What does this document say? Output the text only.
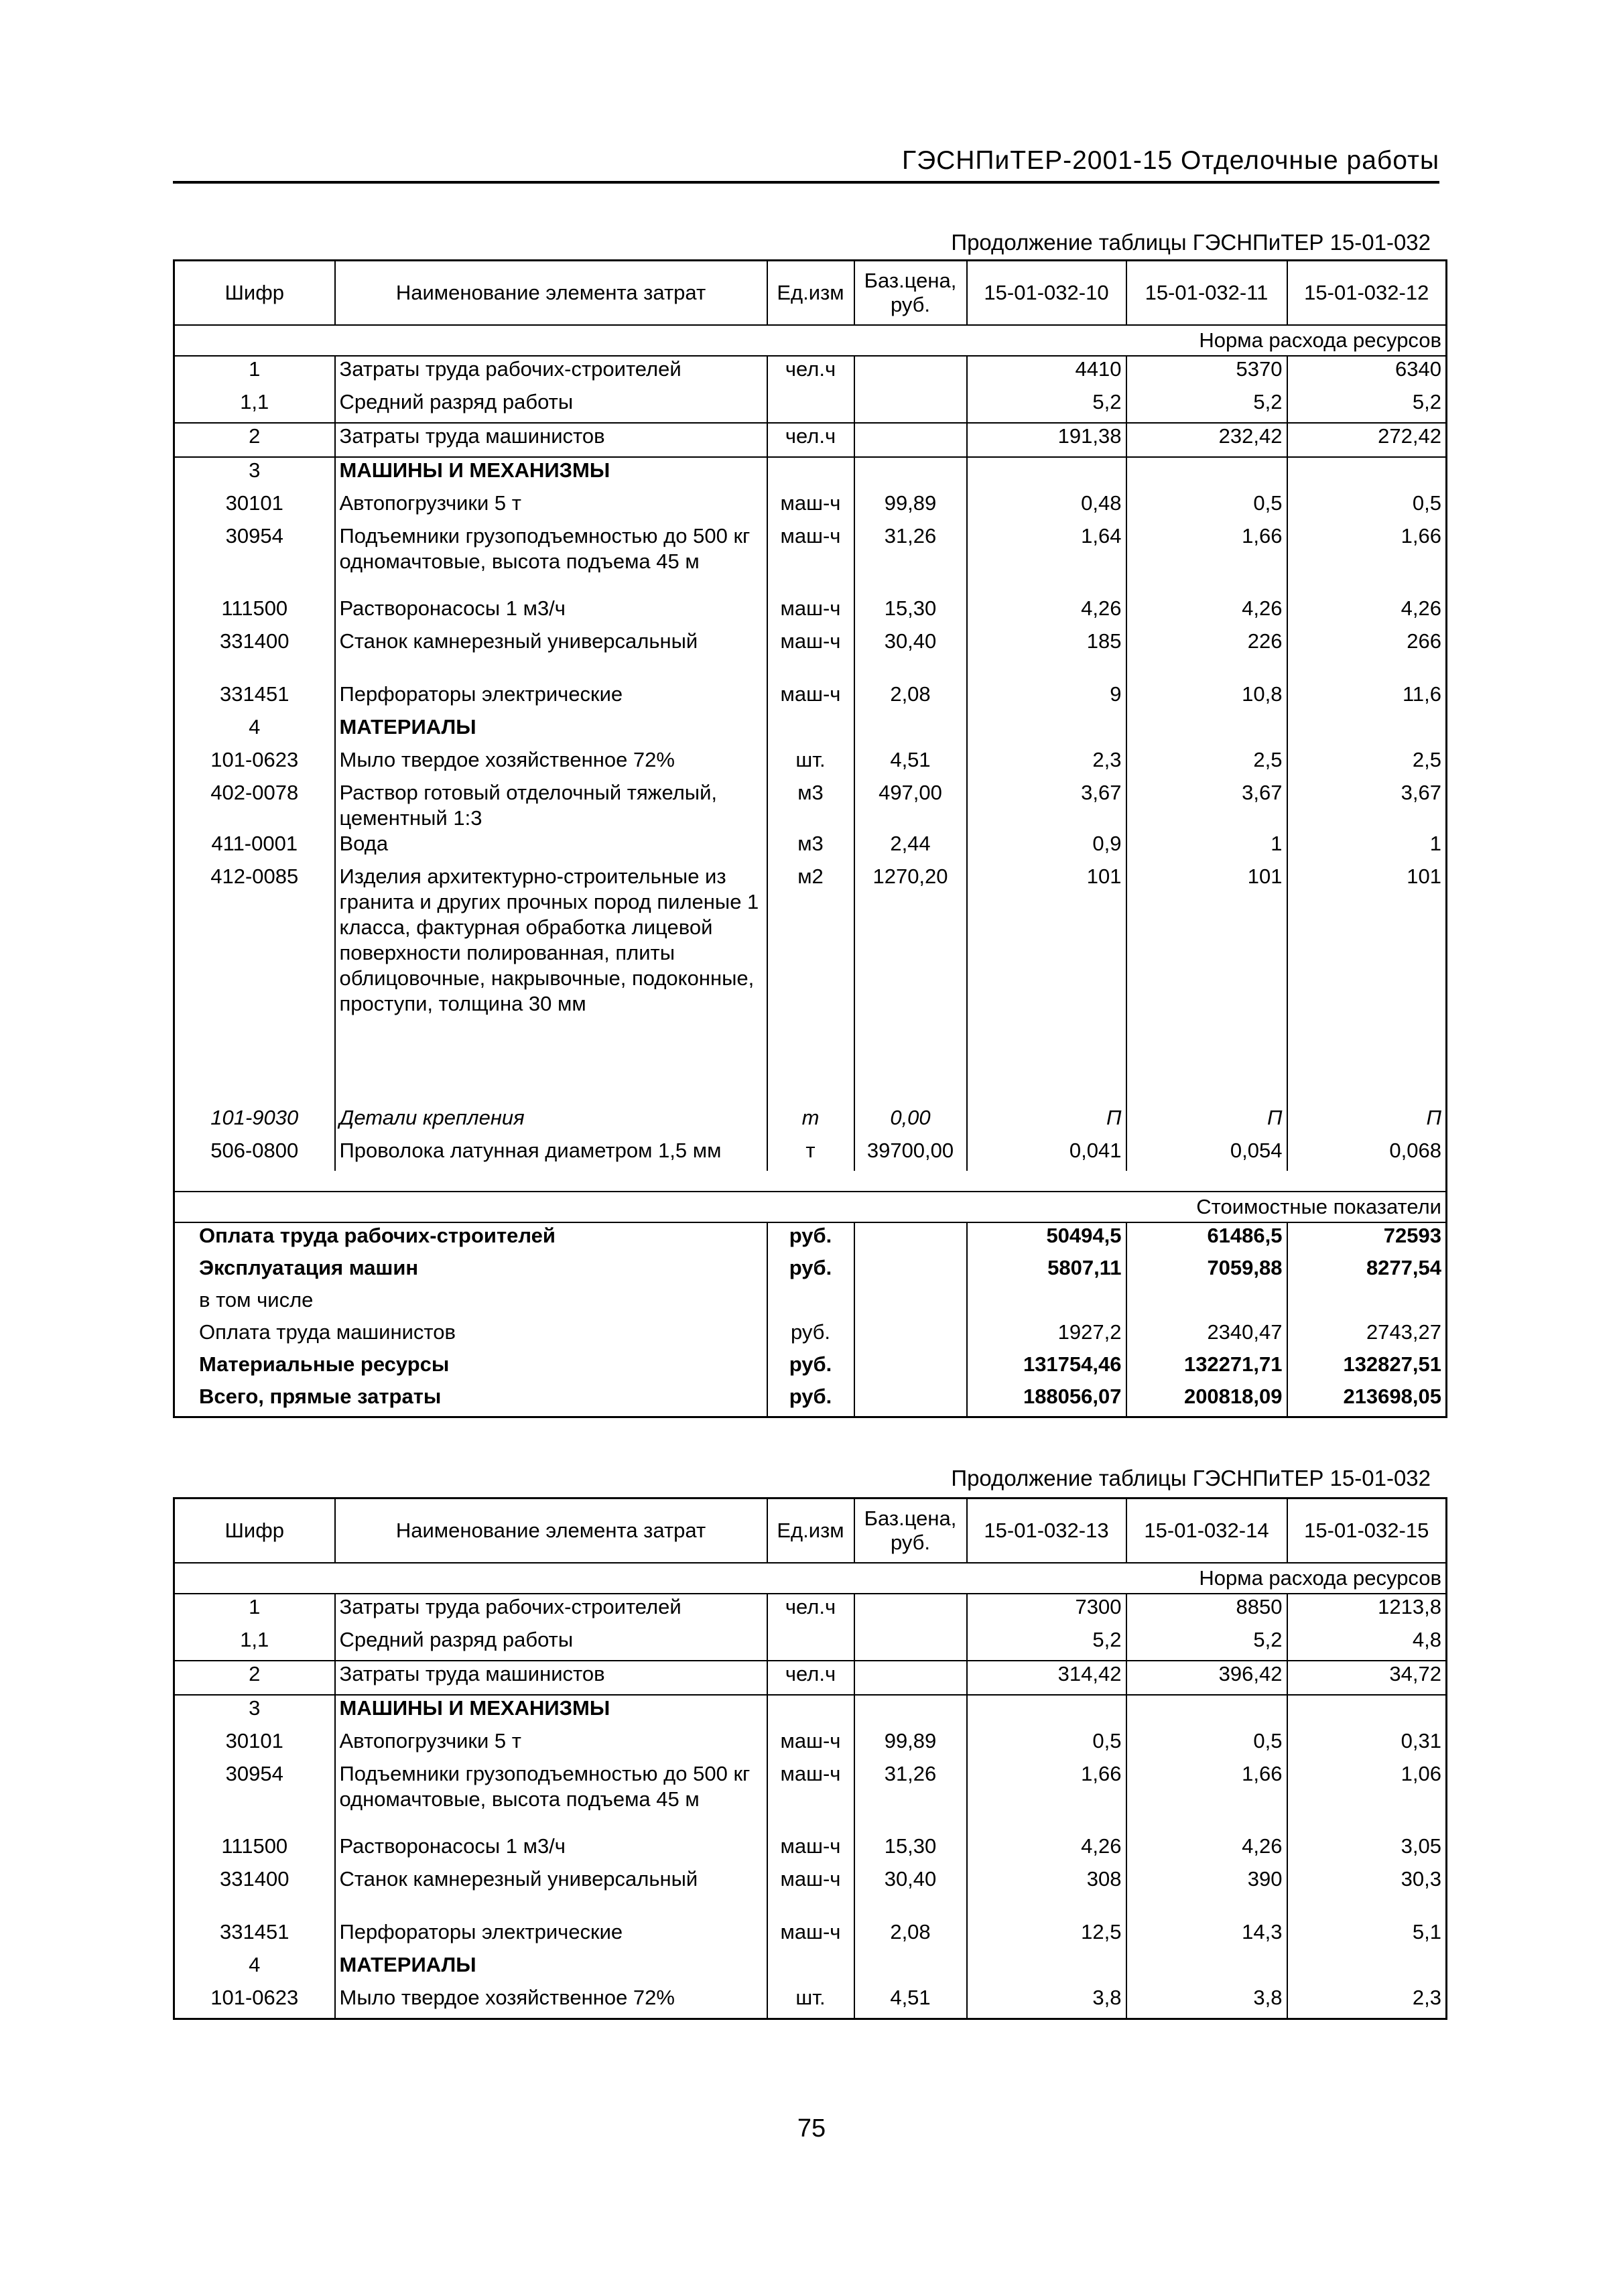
ГЭСНПиТЕР-2001-15 Отделочные работы
Продолжение таблицы ГЭСНПиТЕР 15-01-032
Шифр	Наименование элемента затрат	Ед.изм	Баз.цена, руб.	15-01-032-10	15-01-032-11	15-01-032-12
Норма расхода ресурсов						
1	Затраты труда рабочих-строителей	чел.ч		4410	5370	6340
1,1	Средний разряд работы			5,2	5,2	5,2
2	Затраты труда машинистов	чел.ч		191,38	232,42	272,42
3	МАШИНЫ И МЕХАНИЗМЫ					
30101	Автопогрузчики 5 т	маш-ч	99,89	0,48	0,5	0,5
30954	Подъемники грузоподъемностью до 500 кг одномачтовые, высота подъема 45 м	маш-ч	31,26	1,64	1,66	1,66
111500	Растворонасосы 1 м3/ч	маш-ч	15,30	4,26	4,26	4,26
331400	Станок камнерезный универсальный	маш-ч	30,40	185	226	266

331451	Перфораторы электрические	маш-ч	2,08	9	10,8	11,6
4	МАТЕРИАЛЫ					
101-0623	Мыло твердое хозяйственное 72%	шт.	4,51	2,3	2,5	2,5
402-0078	Раствор готовый отделочный тяжелый, цементный 1:3	м3	497,00	3,67	3,67	3,67
411-0001	Вода	м3	2,44	0,9	1	1
412-0085	Изделия архитектурно-строительные из гранита и других прочных пород пиленые 1 класса, фактурная обработка лицевой поверхности полированная, плиты облицовочные, накрывочные, подоконные, проступи, толщина 30 мм	м2	1270,20	101	101	101

101-9030	Детали крепления	т	0,00	П	П	П
506-0800	Проволока латунная диаметром 1,5 мм	т	39700,00	0,041	0,054	0,068

Стоимостные показатели						
Оплата труда рабочих-строителей		руб.		50494,5	61486,5	72593
Эксплуатация машин		руб.		5807,11	7059,88	8277,54
в том числе						
Оплата труда машинистов		руб.		1927,2	2340,47	2743,27
Материальные ресурсы		руб.		131754,46	132271,71	132827,51
Всего, прямые затраты		руб.		188056,07	200818,09	213698,05
Продолжение таблицы ГЭСНПиТЕР 15-01-032
Шифр	Наименование элемента затрат	Ед.изм	Баз.цена, руб.	15-01-032-13	15-01-032-14	15-01-032-15
Норма расхода ресурсов						
1	Затраты труда рабочих-строителей	чел.ч		7300	8850	1213,8
1,1	Средний разряд работы			5,2	5,2	4,8
2	Затраты труда машинистов	чел.ч		314,42	396,42	34,72
3	МАШИНЫ И МЕХАНИЗМЫ					
30101	Автопогрузчики 5 т	маш-ч	99,89	0,5	0,5	0,31
30954	Подъемники грузоподъемностью до 500 кг одномачтовые, высота подъема 45 м	маш-ч	31,26	1,66	1,66	1,06
111500	Растворонасосы 1 м3/ч	маш-ч	15,30	4,26	4,26	3,05
331400	Станок камнерезный универсальный	маш-ч	30,40	308	390	30,3

331451	Перфораторы электрические	маш-ч	2,08	12,5	14,3	5,1
4	МАТЕРИАЛЫ					
101-0623	Мыло твердое хозяйственное 72%	шт.	4,51	3,8	3,8	2,3
75
